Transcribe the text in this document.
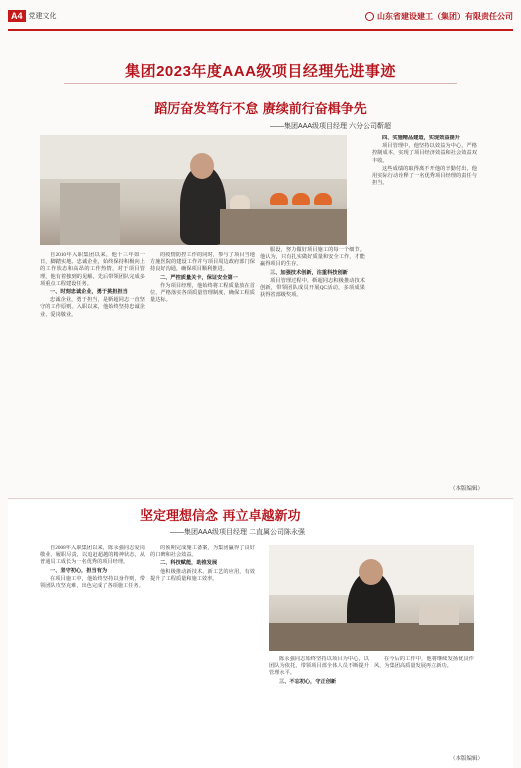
A4 党建文化	山东省建设建工（集团）有限责任公司
集团2023年度AAA级项目经理先进事迹
蹈厉奋发笃行不怠 赓续前行奋楫争先
——集团AAA级项目经理 六分公司靳超

自2010年入职集团以来，他十三年如一日，脚踏实地、忠诚企业，始终保持积极向上的工作状态和高昂的工作热情，对于项目管理，他有着独到的见解，先后带领团队完成多项重点工程建设任务。

一、时刻忠诚企业，勇于挑担担当

忠诚企业，勇于担当，是靳超同志一直坚守的工作原则。入职以来，他始终坚持忠诚企业、爱岗敬业。

的疫情防控工作的同时，参与了项目当地方施医院的建设工作并与项目周边政府部门保持良好沟通，确保项目顺利推进。

二、严控质量关卡，保证安全第一

作为项目经理，他始终将工程质量放在首位，严格落实各项质量管理制度，确保工程质量达标。

服设，努力做好项目施工的每一个细节。他认为，只有扎实做好质量和安全工作，才能赢得项目的生存。

三、加强技术创新，注重科技创新

项目管理过程中，靳超同志积极推动技术创新，带领团队成员开展QC活动，多项成果获得省部级奖项。

四、实施精品建造，实现效益提升

项目管理中，他坚持以效益为中心，严格控制成本，实现了项目经济效益和社会效益双丰收。

这些成绩的取得离不开他的辛勤付出，他用实际行动诠释了一名优秀项目经理的责任与担当。

（本版编辑）
坚定理想信念 再立卓越新功
——集团AAA级项目经理 二直属公司陈永强

自2008年入职集团以来，陈永强同志爱岗敬业、履职尽责，以追赶超越的精神状态，从普通员工成长为一名优秀的项目经理。

一、坚守初心，担当有为

在项目施工中，他始终坚持以身作则，带领团队攻坚克难，出色完成了各项施工任务。

的预期完成施工备案，为集团赢得了良好的口碑和社会效益。

二、科技赋能，助推发展

他积极推动新技术、新工艺的应用，有效提升了工程质量和施工效率。

陈永强同志始终坚持以项目为中心，以团队为依托，带领项目部全体人员不断提升管理水平。

三、不忘初心，守正创新

在今后的工作中，他将继续发扬优良作风，为集团高质量发展再立新功。

（本版编辑）
